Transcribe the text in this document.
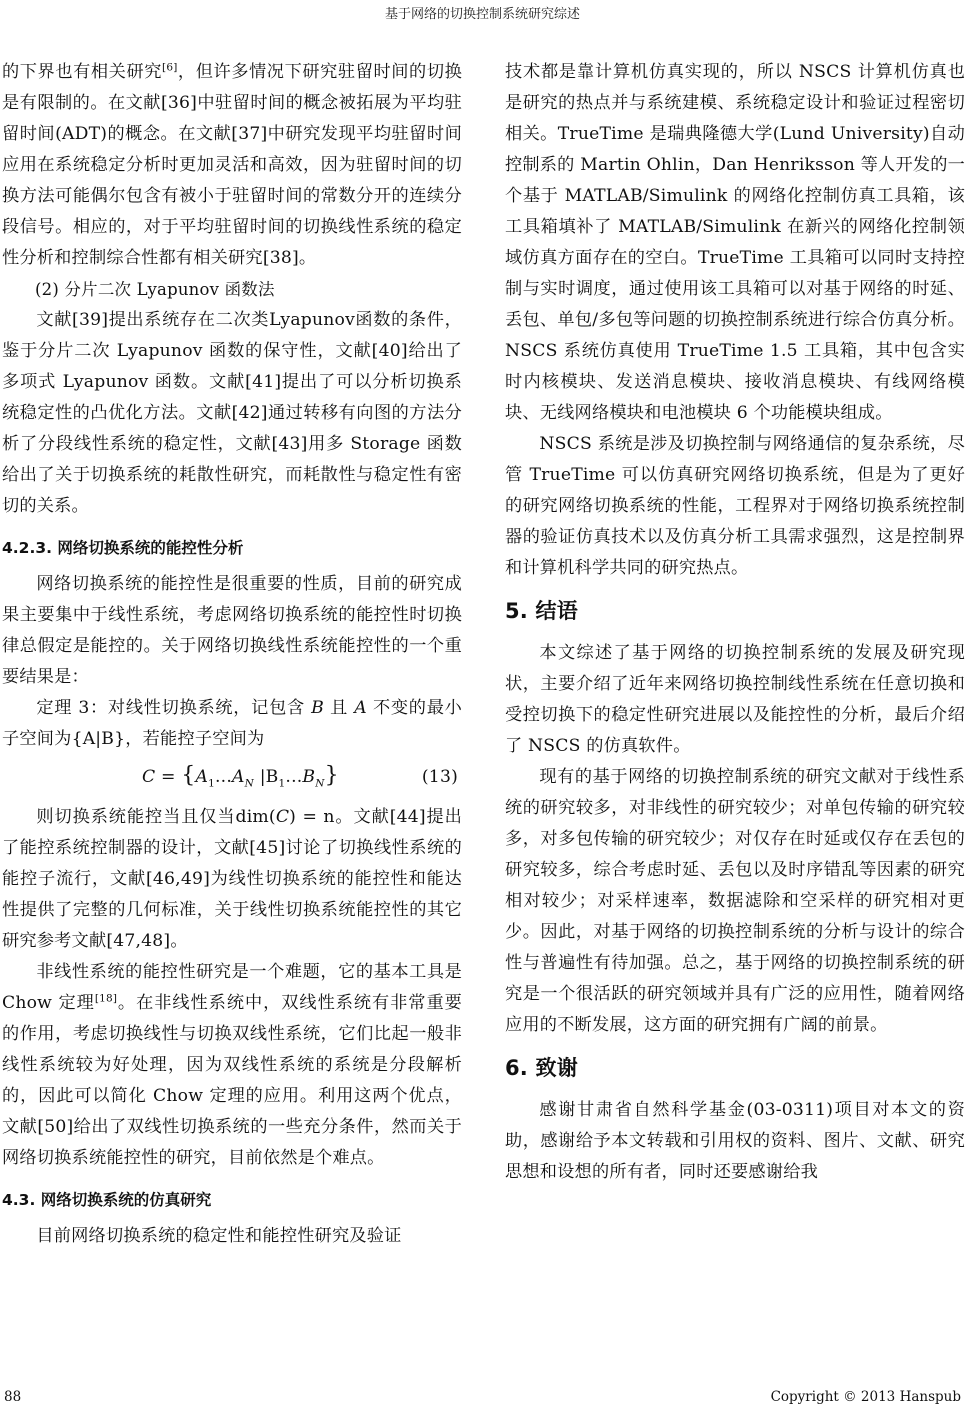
基于网络的切换控制系统研究综述

的下界也有相关研究[6]，但许多情况下研究驻留时间的切换是有限制的。在文献[36]中驻留时间的概念被拓展为平均驻留时间(ADT)的概念。在文献[37]中研究发现平均驻留时间应用在系统稳定分析时更加灵活和高效，因为驻留时间的切换方法可能偶尔包含有被小于驻留时间的常数分开的连续分段信号。相应的，对于平均驻留时间的切换线性系统的稳定性分析和控制综合性都有相关研究[38]。

(2) 分片二次 Lyapunov 函数法

文献[39]提出系统存在二次类Lyapunov函数的条件，鉴于分片二次 Lyapunov 函数的保守性，文献[40]给出了多项式 Lyapunov 函数。文献[41]提出了可以分析切换系统稳定性的凸优化方法。文献[42]通过转移有向图的方法分析了分段线性系统的稳定性，文献[43]用多 Storage 函数给出了关于切换系统的耗散性研究，而耗散性与稳定性有密切的关系。

4.2.3. 网络切换系统的能控性分析

网络切换系统的能控性是很重要的性质，目前的研究成果主要集中于线性系统，考虑网络切换系统的能控性时切换律总假定是能控的。关于网络切换线性系统能控性的一个重要结果是：

定理 3：对线性切换系统，记包含 B 且 A 不变的最小子空间为{A|B}，若能控子空间为

$C = \{A_1...A_N$ $|B_1...B_N$}	(13)

则切换系统能控当且仅当dim(C) = n。文献[44]提出了能控系统控制器的设计，文献[45]讨论了切换线性系统的能控子流行，文献[46,49]为线性切换系统的能控性和能达性提供了完整的几何标准，关于线性切换系统能控性的其它研究参考文献[47,48]。

非线性系统的能控性研究是一个难题，它的基本工具是 Chow 定理[18]。在非线性系统中，双线性系统有非常重要的作用，考虑切换线性与切换双线性系统，它们比起一般非线性系统较为好处理，因为双线性系统的系统是分段解析的，因此可以简化 Chow 定理的应用。利用这两个优点，文献[50]给出了双线性切换系统的一些充分条件，然而关于网络切换系统能控性的研究，目前依然是个难点。

4.3. 网络切换系统的仿真研究

目前网络切换系统的稳定性和能控性研究及验证

技术都是靠计算机仿真实现的，所以 NSCS 计算机仿真也是研究的热点并与系统建模、系统稳定设计和验证过程密切相关。TrueTime 是瑞典隆德大学(Lund University)自动控制系的 Martin Ohlin，Dan Henriksson 等人开发的一个基于 MATLAB/Simulink 的网络化控制仿真工具箱，该工具箱填补了 MATLAB/Simulink 在新兴的网络化控制领域仿真方面存在的空白。TrueTime 工具箱可以同时支持控制与实时调度，通过使用该工具箱可以对基于网络的时延、丢包、单包/多包等问题的切换控制系统进行综合仿真分析。NSCS 系统仿真使用 TrueTime 1.5 工具箱，其中包含实时内核模块、发送消息模块、接收消息模块、有线网络模块、无线网络模块和电池模块 6 个功能模块组成。

NSCS 系统是涉及切换控制与网络通信的复杂系统，尽管 TrueTime 可以仿真研究网络切换系统，但是为了更好的研究网络切换系统的性能，工程界对于网络切换系统控制器的验证仿真技术以及仿真分析工具需求强烈，这是控制界和计算机科学共同的研究热点。

5. 结语

本文综述了基于网络的切换控制系统的发展及研究现状，主要介绍了近年来网络切换控制线性系统在任意切换和受控切换下的稳定性研究进展以及能控性的分析，最后介绍了 NSCS 的仿真软件。

现有的基于网络的切换控制系统的研究文献对于线性系统的研究较多，对非线性的研究较少；对单包传输的研究较多，对多包传输的研究较少；对仅存在时延或仅存在丢包的研究较多，综合考虑时延、丢包以及时序错乱等因素的研究相对较少；对采样速率，数据滤除和空采样的研究相对更少。因此，对基于网络的切换控制系统的分析与设计的综合性与普遍性有待加强。总之，基于网络的切换控制系统的研究是一个很活跃的研究领域并具有广泛的应用性，随着网络应用的不断发展，这方面的研究拥有广阔的前景。

6. 致谢

感谢甘肃省自然科学基金(03-0311)项目对本文的资助，感谢给予本文转载和引用权的资料、图片、文献、研究思想和设想的所有者，同时还要感谢给我

88	Copyright © 2013 Hanspub
